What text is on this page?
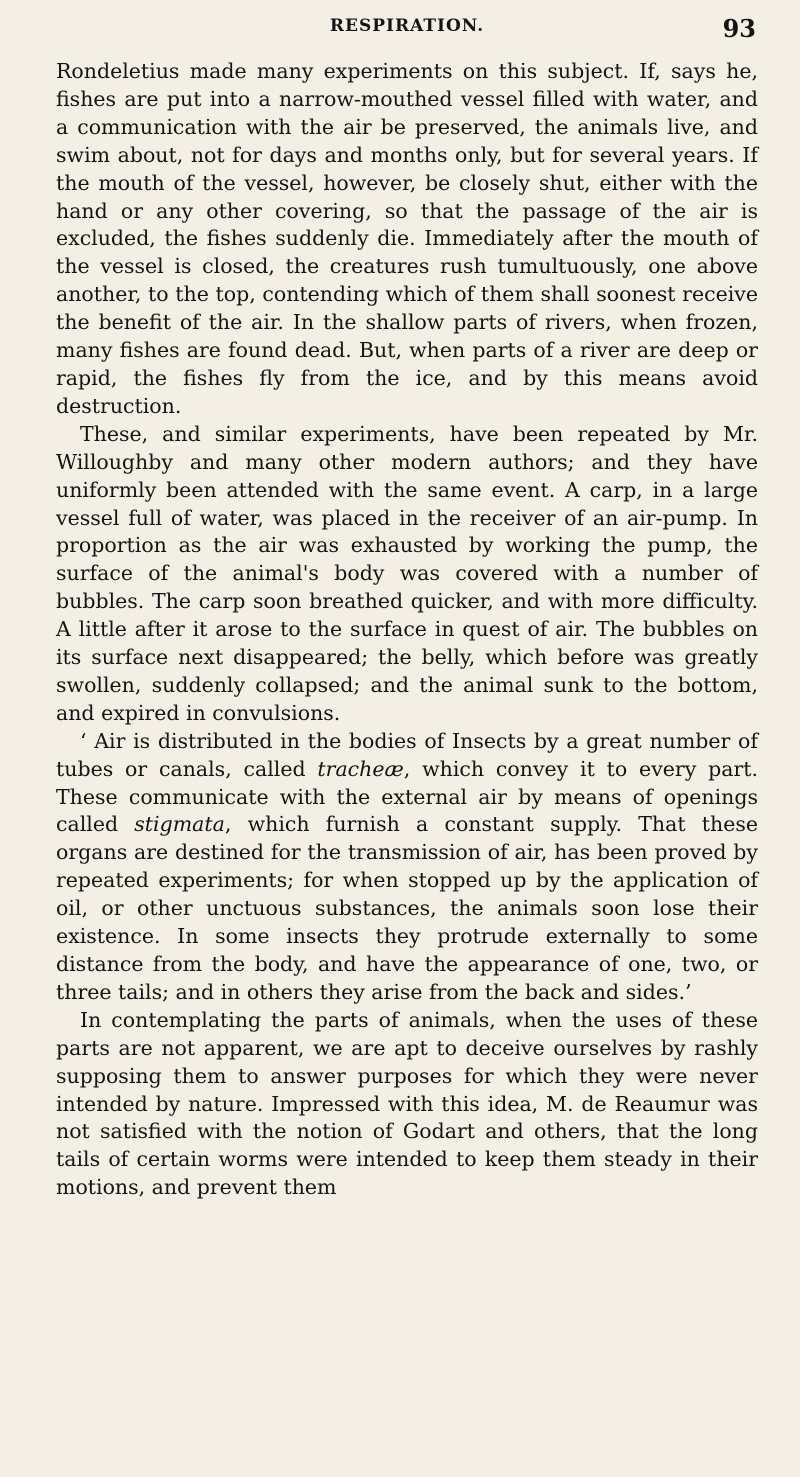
RESPIRATION.	93

Rondeletius made many experiments on this subject. If, says he, fishes are put into a narrow-mouthed vessel filled with water, and a communication with the air be preserved, the animals live, and swim about, not for days and months only, but for several years. If the mouth of the vessel, however, be closely shut, either with the hand or any other covering, so that the passage of the air is excluded, the fishes suddenly die. Immediately after the mouth of the vessel is closed, the creatures rush tumultuously, one above another, to the top, contending which of them shall soonest receive the benefit of the air. In the shallow parts of rivers, when frozen, many fishes are found dead. But, when parts of a river are deep or rapid, the fishes fly from the ice, and by this means avoid destruction.

These, and similar experiments, have been repeated by Mr. Willoughby and many other modern authors; and they have uniformly been attended with the same event. A carp, in a large vessel full of water, was placed in the receiver of an air-pump. In proportion as the air was exhausted by working the pump, the surface of the animal's body was covered with a number of bubbles. The carp soon breathed quicker, and with more difficulty. A little after it arose to the surface in quest of air. The bubbles on its surface next disappeared; the belly, which before was greatly swollen, suddenly collapsed; and the animal sunk to the bottom, and expired in convulsions.

‘ Air is distributed in the bodies of Insects by a great number of tubes or canals, called tracheæ, which convey it to every part. These communicate with the external air by means of openings called stigmata, which furnish a constant supply. That these organs are destined for the transmission of air, has been proved by repeated experiments; for when stopped up by the application of oil, or other unctuous substances, the animals soon lose their existence. In some insects they protrude externally to some distance from the body, and have the appearance of one, two, or three tails; and in others they arise from the back and sides.’

In contemplating the parts of animals, when the uses of these parts are not apparent, we are apt to deceive ourselves by rashly supposing them to answer purposes for which they were never intended by nature. Impressed with this idea, M. de Reaumur was not satisfied with the notion of Godart and others, that the long tails of certain worms were intended to keep them steady in their motions, and prevent them
